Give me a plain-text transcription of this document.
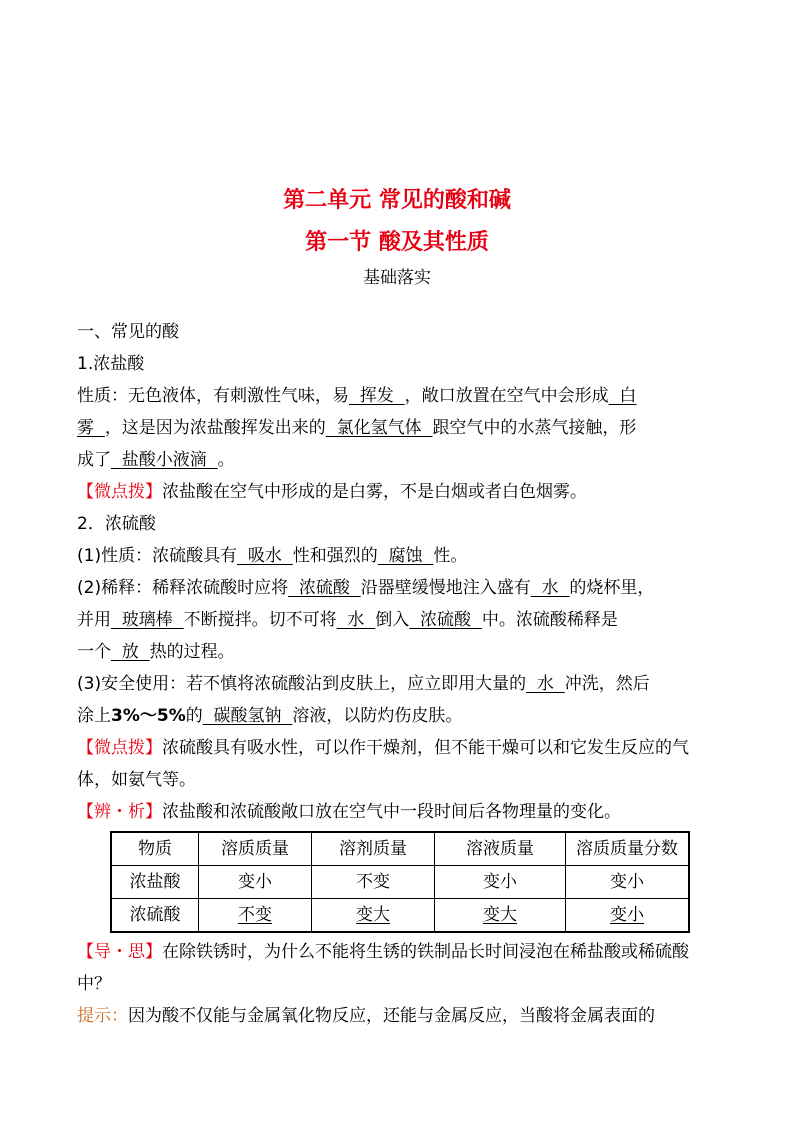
第二单元 常见的酸和碱
第一节 酸及其性质
基础落实

一、常见的酸

1.浓盐酸

性质：无色液体，有刺激性气味，易  挥发  ，敞口放置在空气中会形成  白
雾  ，这是因为浓盐酸挥发出来的  氯化氢气体  跟空气中的水蒸气接触，形
成了  盐酸小液滴  。

【微点拨】浓盐酸在空气中形成的是白雾，不是白烟或者白色烟雾。

2．浓硫酸

(1)性质：浓硫酸具有  吸水  性和强烈的  腐蚀  性。

(2)稀释：稀释浓硫酸时应将  浓硫酸  沿器壁缓慢地注入盛有  水  的烧杯里，
并用  玻璃棒  不断搅拌。切不可将  水  倒入  浓硫酸  中。浓硫酸稀释是
一个  放  热的过程。

(3)安全使用：若不慎将浓硫酸沾到皮肤上，应立即用大量的  水  冲洗，然后
涂上3%～5%的  碳酸氢钠  溶液，以防灼伤皮肤。

【微点拨】浓硫酸具有吸水性，可以作干燥剂，但不能干燥可以和它发生反应的气体，如氨气等。

【辨・析】浓盐酸和浓硫酸敞口放在空气中一段时间后各物理量的变化。

物质	溶质质量	溶剂质量	溶液质量	溶质质量分数
浓盐酸	变小	不变	变小	变小
浓硫酸	不变	变大	变大	变小

【导・思】在除铁锈时，为什么不能将生锈的铁制品长时间浸泡在稀盐酸或稀硫酸中？

提示：因为酸不仅能与金属氧化物反应，还能与金属反应，当酸将金属表面的
